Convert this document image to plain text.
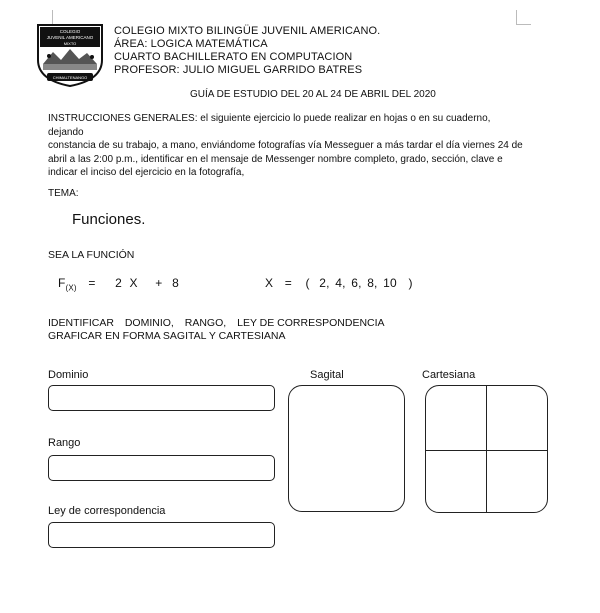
COLEGIO
JUVENIL AMERICANO
MIXTO
CHIMALTENANGO
COLEGIO MIXTO BILINGÜE JUVENIL AMERICANO.
ÁREA: LOGICA MATEMÁTICA
CUARTO BACHILLERATO EN COMPUTACION
PROFESOR: JULIO MIGUEL GARRIDO BATRES
GUÍA DE ESTUDIO DEL 20 AL 24 DE ABRIL DEL 2020
INSTRUCCIONES GENERALES: el siguiente ejercicio lo puede realizar en hojas o en su cuaderno, dejando
constancia de su trabajo, a mano, enviándome fotografías vía Messeguer a más tardar el día viernes 24 de
abril a las 2:00 p.m., identificar en el mensaje de Messenger nombre completo, grado, sección, clave e
indicar el inciso del ejercicio en la fotografía,
TEMA:
Funciones.
SEA LA FUNCIÓN
$F_{(X)} = 2$ X + 8	X = ( 2, 4, 6, 8, 10 )
IDENTIFICAR DOMINIO, RANGO, LEY DE CORRESPONDENCIA
GRAFICAR EN FORMA SAGITAL Y CARTESIANA
Dominio	Sagital	Cartesiana
Rango
Ley de correspondencia
